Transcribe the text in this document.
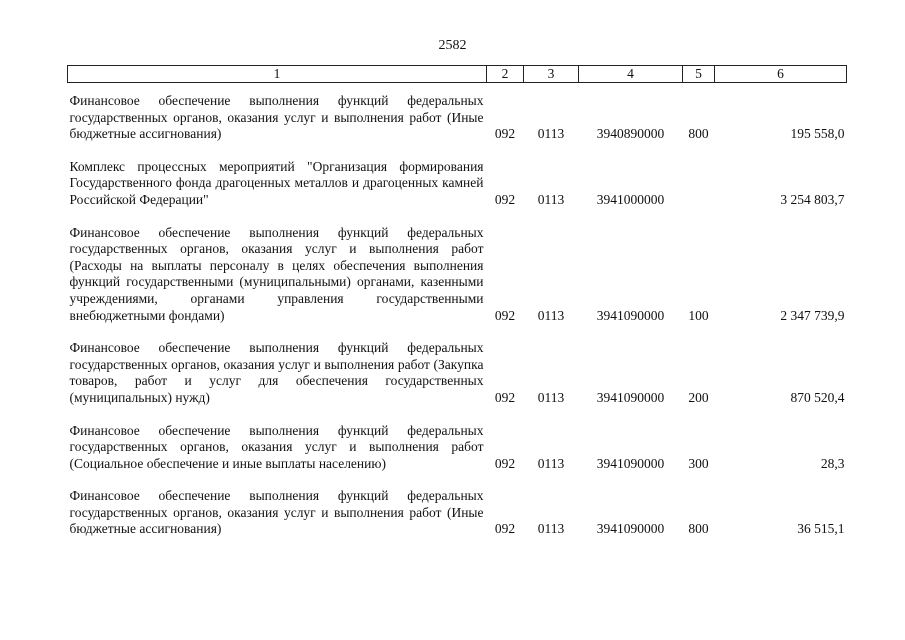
2582
1	2	3	4	5	6
Финансовое обеспечение выполнения функций федеральных государственных органов, оказания услуг и выполнения работ (Иные бюджетные ассигнования)	092	0113	3940890000	800	195 558,0

Комплекс процессных мероприятий "Организация формирования Государственного фонда драгоценных металлов и драгоценных камней Российской Федерации"	092	0113	3941000000		3 254 803,7

Финансовое обеспечение выполнения функций федеральных государственных органов, оказания услуг и выполнения работ (Расходы на выплаты персоналу в целях обеспечения выполнения функций государственными (муниципальными) органами, казенными учреждениями, органами управления государственными внебюджетными фондами)	092	0113	3941090000	100	2 347 739,9

Финансовое обеспечение выполнения функций федеральных государственных органов, оказания услуг и выполнения работ (Закупка товаров, работ и услуг для обеспечения государственных (муниципальных) нужд)	092	0113	3941090000	200	870 520,4

Финансовое обеспечение выполнения функций федеральных государственных органов, оказания услуг и выполнения работ (Социальное обеспечение и иные выплаты населению)	092	0113	3941090000	300	28,3

Финансовое обеспечение выполнения функций федеральных государственных органов, оказания услуг и выполнения работ (Иные бюджетные ассигнования)	092	0113	3941090000	800	36 515,1
